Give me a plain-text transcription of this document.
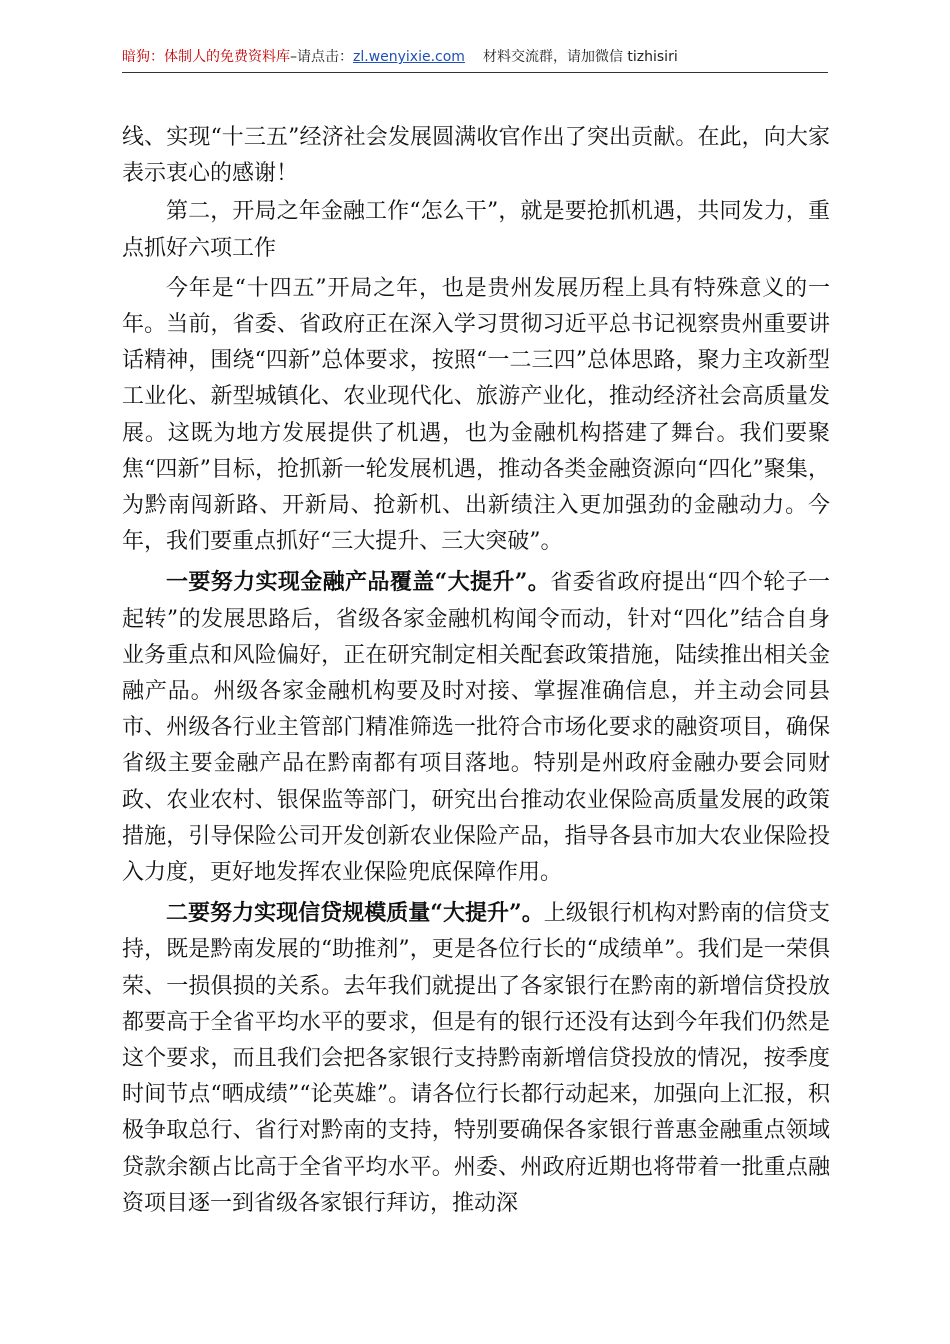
暗狗：体制人的免费资料库–请点击：zl.wenyixie.com 材料交流群，请加微信 tizhisiri

线、实现“十三五”经济社会发展圆满收官作出了突出贡献。在此，向大家表示衷心的感谢！

第二，开局之年金融工作“怎么干”，就是要抢抓机遇，共同发力，重点抓好六项工作

今年是“十四五”开局之年，也是贵州发展历程上具有特殊意义的一年。当前，省委、省政府正在深入学习贯彻习近平总书记视察贵州重要讲话精神，围绕“四新”总体要求，按照“一二三四”总体思路，聚力主攻新型工业化、新型城镇化、农业现代化、旅游产业化，推动经济社会高质量发展。这既为地方发展提供了机遇，也为金融机构搭建了舞台。我们要聚焦“四新”目标，抢抓新一轮发展机遇，推动各类金融资源向“四化”聚集，为黔南闯新路、开新局、抢新机、出新绩注入更加强劲的金融动力。今年，我们要重点抓好“三大提升、三大突破”。

一要努力实现金融产品覆盖“大提升”。省委省政府提出“四个轮子一起转”的发展思路后，省级各家金融机构闻令而动，针对“四化”结合自身业务重点和风险偏好，正在研究制定相关配套政策措施，陆续推出相关金融产品。州级各家金融机构要及时对接、掌握准确信息，并主动会同县市、州级各行业主管部门精准筛选一批符合市场化要求的融资项目，确保省级主要金融产品在黔南都有项目落地。特别是州政府金融办要会同财政、农业农村、银保监等部门，研究出台推动农业保险高质量发展的政策措施，引导保险公司开发创新农业保险产品，指导各县市加大农业保险投入力度，更好地发挥农业保险兜底保障作用。

二要努力实现信贷规模质量“大提升”。上级银行机构对黔南的信贷支持，既是黔南发展的“助推剂”，更是各位行长的“成绩单”。我们是一荣俱荣、一损俱损的关系。去年我们就提出了各家银行在黔南的新增信贷投放都要高于全省平均水平的要求，但是有的银行还没有达到今年我们仍然是这个要求，而且我们会把各家银行支持黔南新增信贷投放的情况，按季度时间节点“晒成绩”“论英雄”。请各位行长都行动起来，加强向上汇报，积极争取总行、省行对黔南的支持，特别要确保各家银行普惠金融重点领域贷款余额占比高于全省平均水平。州委、州政府近期也将带着一批重点融资项目逐一到省级各家银行拜访，推动深
